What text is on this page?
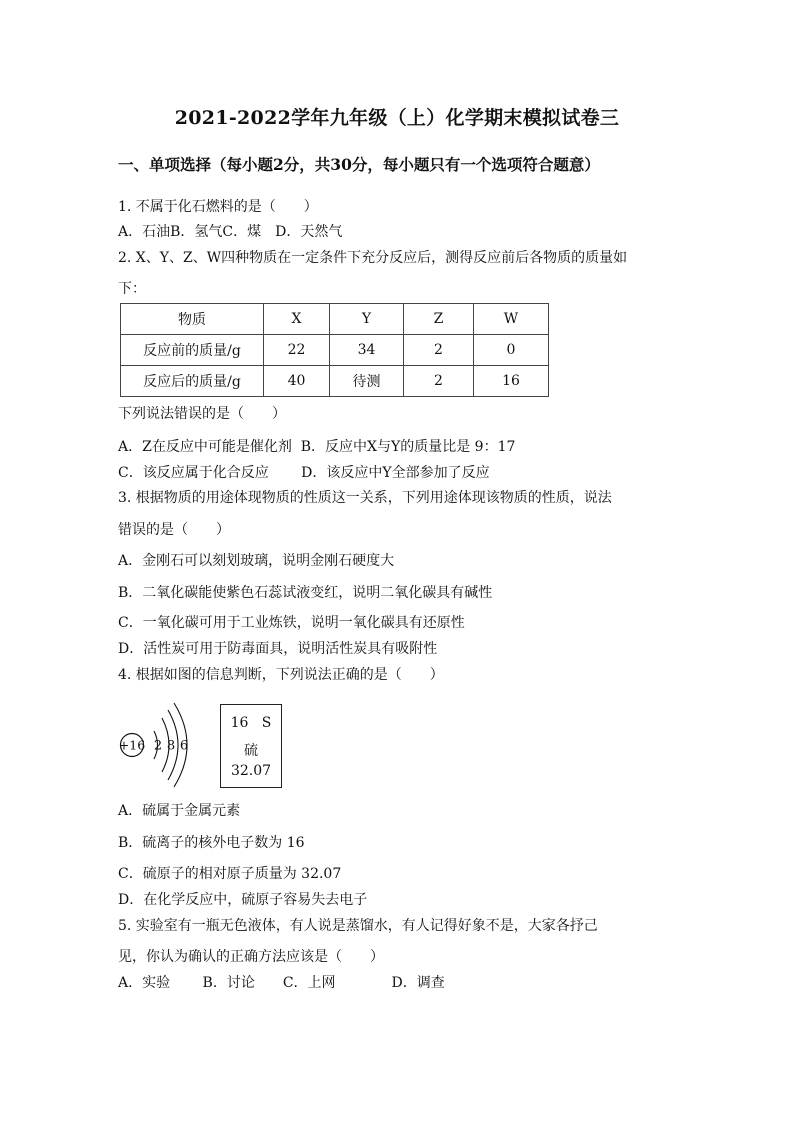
2021-2022学年九年级（上）化学期末模拟试卷三
一、单项选择（每小题2分，共30分，每小题只有一个选项符合题意）
1. 不属于化石燃料的是（　　）
A．石油B．氢气C．煤　D．天然气
2. X、Y、Z、W四种物质在一定条件下充分反应后，测得反应前后各物质的质量如
下：
物质	X	Y	Z	W
反应前的质量/g	22	34	2	0
反应后的质量/g	40	待测	2	16
下列说法错误的是（　　）
A．Z在反应中可能是催化剂  B．反应中X与Y的质量比是 9：17
C．该反应属于化合反应　　 D．该反应中Y全部参加了反应
3. 根据物质的用途体现物质的性质这一关系，下列用途体现该物质的性质，说法
错误的是（　　）
A．金刚石可以刻划玻璃，说明金刚石硬度大
B．二氧化碳能使紫色石蕊试液变红，说明二氧化碳具有碱性
C．一氧化碳可用于工业炼铁，说明一氧化碳具有还原性
D．活性炭可用于防毒面具，说明活性炭具有吸附性
4. 根据如图的信息判断，下列说法正确的是（　　）
+16 2 8 6
16 S
硫
32.07
A．硫属于金属元素
B．硫离子的核外电子数为 16
C．硫原子的相对原子质量为 32.07
D．在化学反应中，硫原子容易失去电子
5. 实验室有一瓶无色液体，有人说是蒸馏水，有人记得好象不是，大家各抒己
见，你认为确认的正确方法应该是（　　）
A．实验　　 B．讨论　　C．上网　　　　D．调查
